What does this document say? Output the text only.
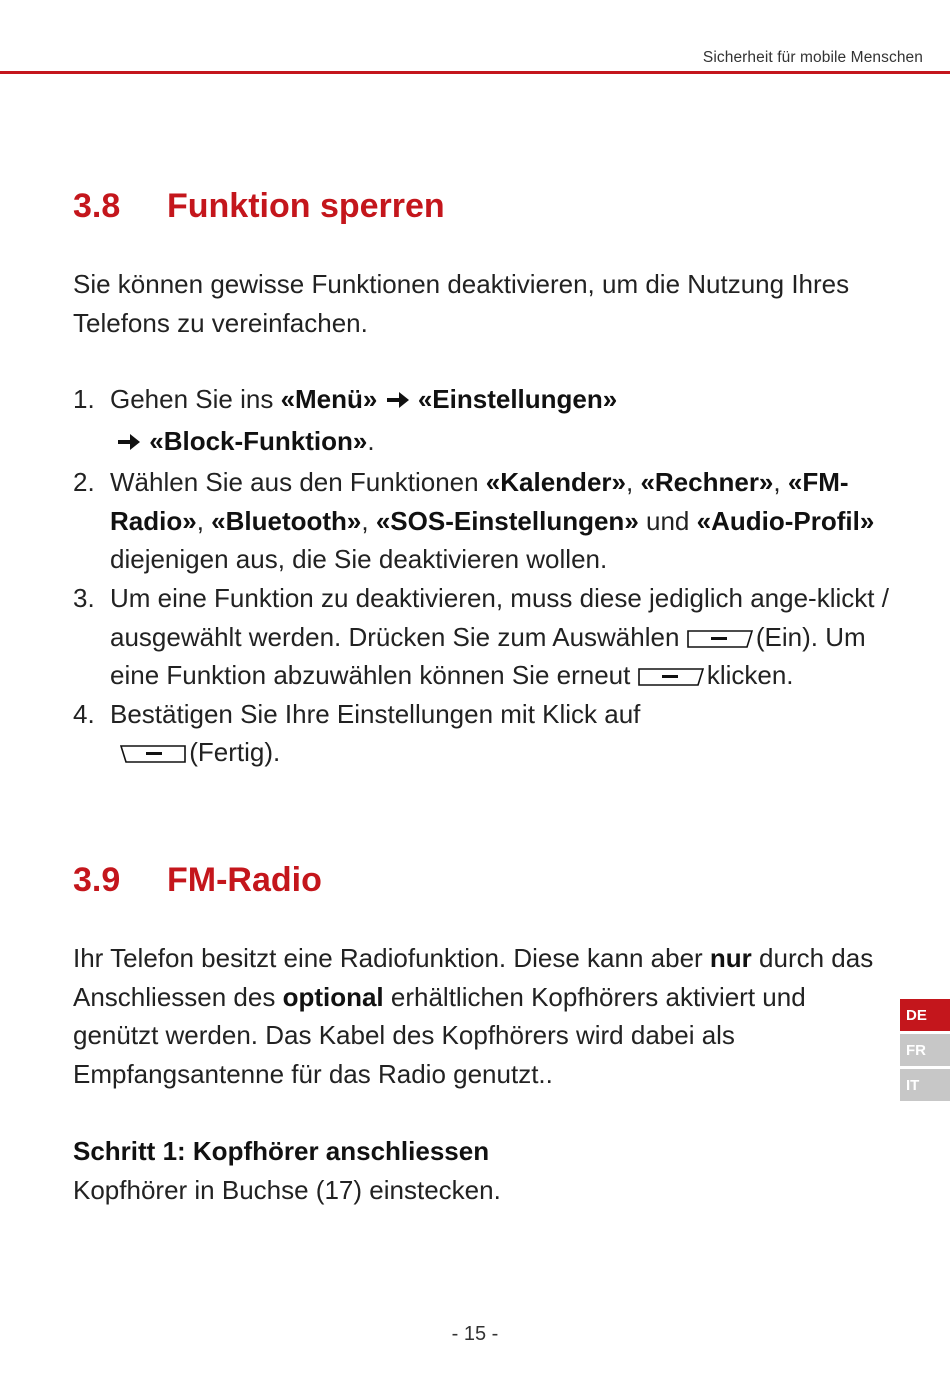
Sicherheit für mobile Menschen
3.8 Funktion sperren

Sie können gewisse Funktionen deaktivieren, um die Nutzung Ihres Telefons zu vereinfachen.

1. Gehen Sie ins «Menü» «Einstellungen»
«Block-Funktion».
2. Wählen Sie aus den Funktionen «Kalender», «Rechner», «FM-Radio», «Bluetooth», «SOS-Einstellungen» und «Audio-Profil» diejenigen aus, die Sie deaktivieren wollen.
3. Um eine Funktion zu deaktivieren, muss diese jediglich ange-klickt / ausgewählt werden. Drücken Sie zum Auswählen
(Ein). Um eine Funktion abzuwählen können Sie erneut
klicken.
4. Bestätigen Sie Ihre Einstellungen mit Klick auf

(Fertig).
3.9 FM-Radio

Ihr Telefon besitzt eine Radiofunktion. Diese kann aber nur durch das Anschliessen des optional erhältlichen Kopfhörers aktiviert und genützt werden. Das Kabel des Kopfhörers wird dabei als Empfangsantenne für das Radio genutzt..

Schritt 1: Kopfhörer anschliessen
Kopfhörer in Buchse (17) einstecken.
DE
FR
IT
- 15 -
